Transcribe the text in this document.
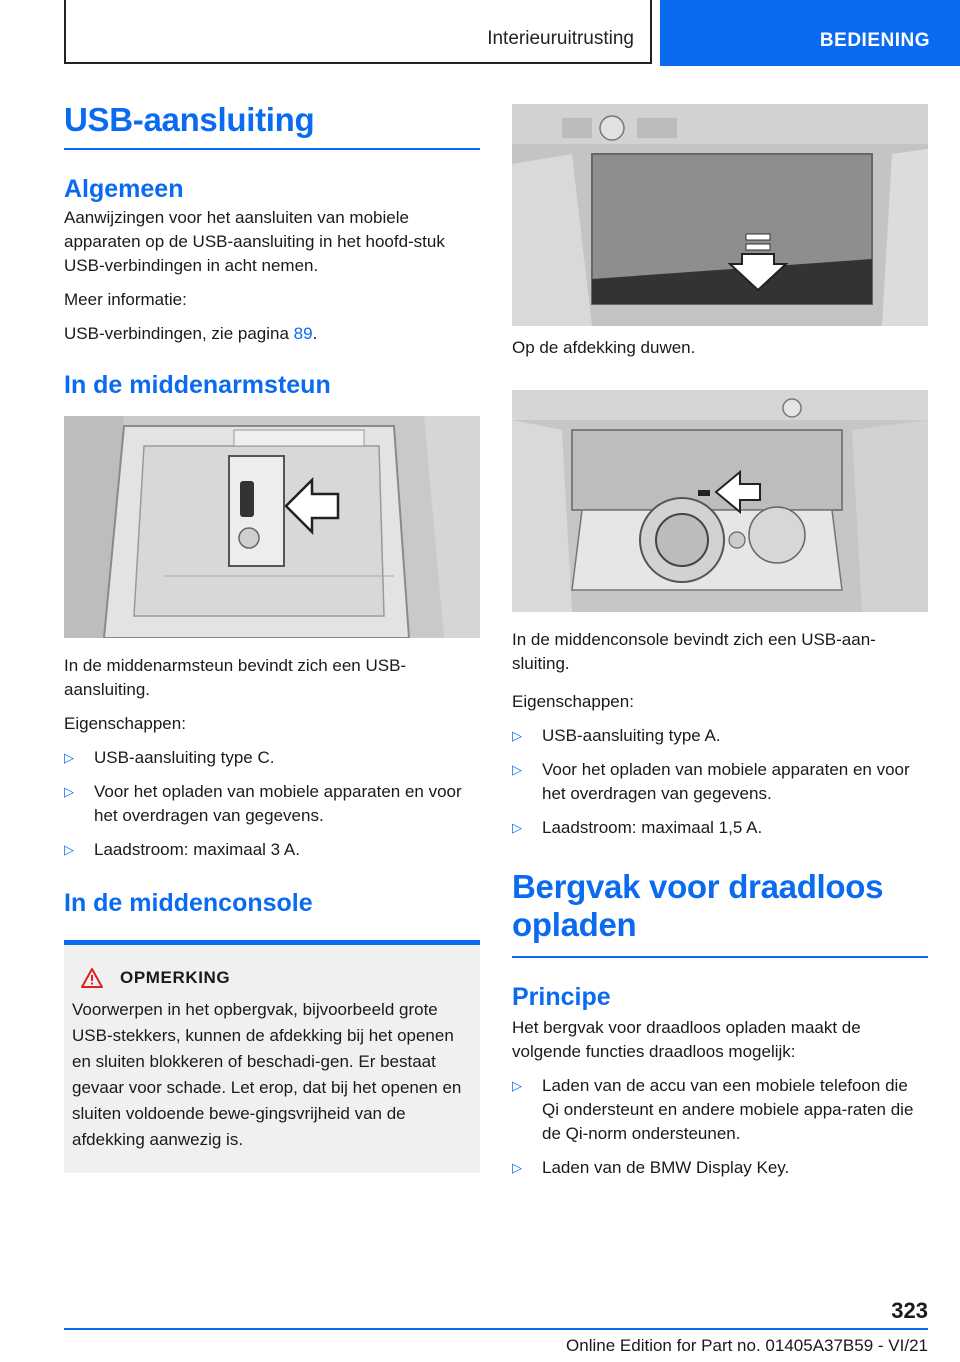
Interieuruitrusting	BEDIENING
USB-aansluiting
Algemeen

Aanwijzingen voor het aansluiten van mobiele apparaten op de USB-aansluiting in het hoofd-stuk USB-verbindingen in acht nemen.

Meer informatie:

USB-verbindingen, zie pagina 89.

In de middenarmsteun

In de middenarmsteun bevindt zich een USB-aansluiting.

Eigenschappen:

▷ USB-aansluiting type C.
▷ Voor het opladen van mobiele apparaten en voor het overdragen van gegevens.
▷ Laadstroom: maximaal 3 A.
In de middenconsole
OPMERKING

Voorwerpen in het opbergvak, bijvoorbeeld grote USB-stekkers, kunnen de afdekking bij het openen en sluiten blokkeren of beschadi-gen. Er bestaat gevaar voor schade. Let erop, dat bij het openen en sluiten voldoende bewe-gingsvrijheid van de afdekking aanwezig is.

Op de afdekking duwen.

In de middenconsole bevindt zich een USB-aan-sluiting.

Eigenschappen:

▷ USB-aansluiting type A.
▷ Voor het opladen van mobiele apparaten en voor het overdragen van gegevens.
▷ Laadstroom: maximaal 1,5 A.
Bergvak voor draadloos opladen
Principe

Het bergvak voor draadloos opladen maakt de volgende functies draadloos mogelijk:

▷ Laden van de accu van een mobiele telefoon die Qi ondersteunt en andere mobiele appa-raten die de Qi-norm ondersteunen.
▷ Laden van de BMW Display Key.
323
Online Edition for Part no. 01405A37B59 - VI/21
